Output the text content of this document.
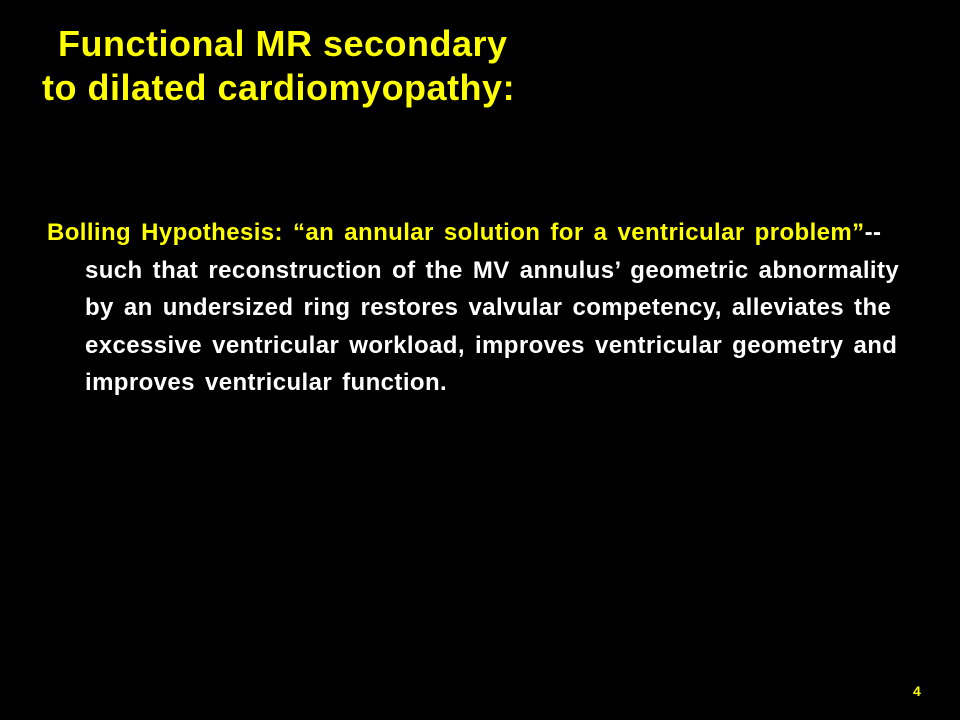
Functional MR secondary
to dilated cardiomyopathy:

Bolling Hypothesis: “an annular solution for a ventricular problem”-- such that reconstruction of the MV annulus’ geometric abnormality by an undersized ring restores valvular competency, alleviates the excessive ventricular workload, improves ventricular geometry and improves ventricular function.

4
